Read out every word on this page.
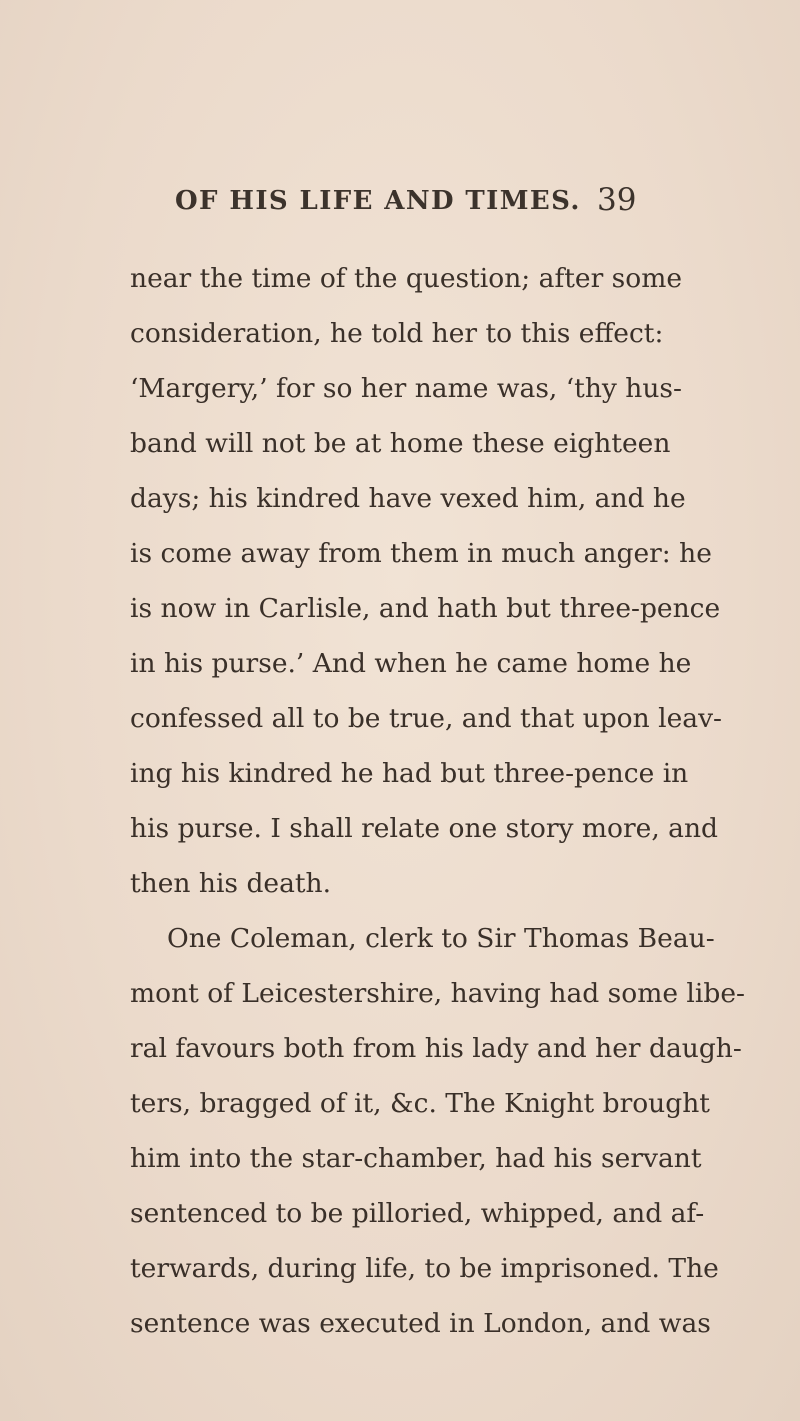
OF HIS LIFE AND TIMES. 39
near the time of the question; after some
consideration, he told her to this effect:
‘Margery,’ for so her name was, ‘thy hus-
band will not be at home these eighteen
days; his kindred have vexed him, and he
is come away from them in much anger: he
is now in Carlisle, and hath but three-pence
in his purse.’ And when he came home he
confessed all to be true, and that upon leav-
ing his kindred he had but three-pence in
his purse. I shall relate one story more, and
then his death.
One Coleman, clerk to Sir Thomas Beau-
mont of Leicestershire, having had some libe-
ral favours both from his lady and her daugh-
ters, bragged of it, &c. The Knight brought
him into the star-chamber, had his servant
sentenced to be pilloried, whipped, and af-
terwards, during life, to be imprisoned. The
sentence was executed in London, and was
